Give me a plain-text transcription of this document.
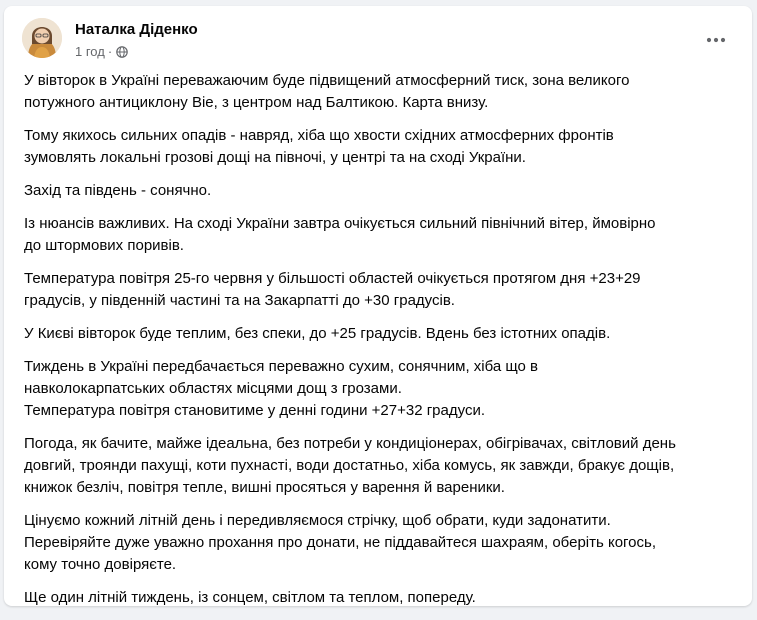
Наталка Діденко
1 год ·

У вівторок в Україні переважаючим буде підвищений атмосферний тиск, зона великого
потужного антициклону Віе, з центром над Балтикою. Карта внизу.

Тому якихось сильних опадів - навряд, хіба що хвости східних атмосферних фронтів
зумовлять локальні грозові дощі на півночі, у центрі та на сході України.

Захід та південь - сонячно.

Із нюансів важливих. На сході України завтра очікується сильний північний вітер, ймовірно
до штормових поривів.

Температура повітря 25-го червня у більшості областей очікується протягом дня +23+29
градусів, у південній частині та на Закарпатті до +30 градусів.

У Києві вівторок буде теплим, без спеки, до +25 градусів. Вдень без істотних опадів.

Тиждень в Україні передбачається переважно сухим, сонячним, хіба що в
навколокарпатських областях місцями дощ з грозами.
Температура повітря становитиме у денні години +27+32 градуси.

Погода, як бачите, майже ідеальна, без потреби у кондиціонерах, обігрівачах, світловий день
довгий, троянди пахущі, коти пухнасті, води достатньо, хіба комусь, як завжди, бракує дощів,
книжок безліч, повітря тепле, вишні просяться у варення й вареники.

Цінуємо кожний літній день і передивляємося стрічку, щоб обрати, куди задонатити.
Перевіряйте дуже уважно прохання про донати, не піддавайтеся шахраям, оберіть когось,
кому точно довіряєте.

Ще один літній тиждень, із сонцем, світлом та теплом, попереду.
